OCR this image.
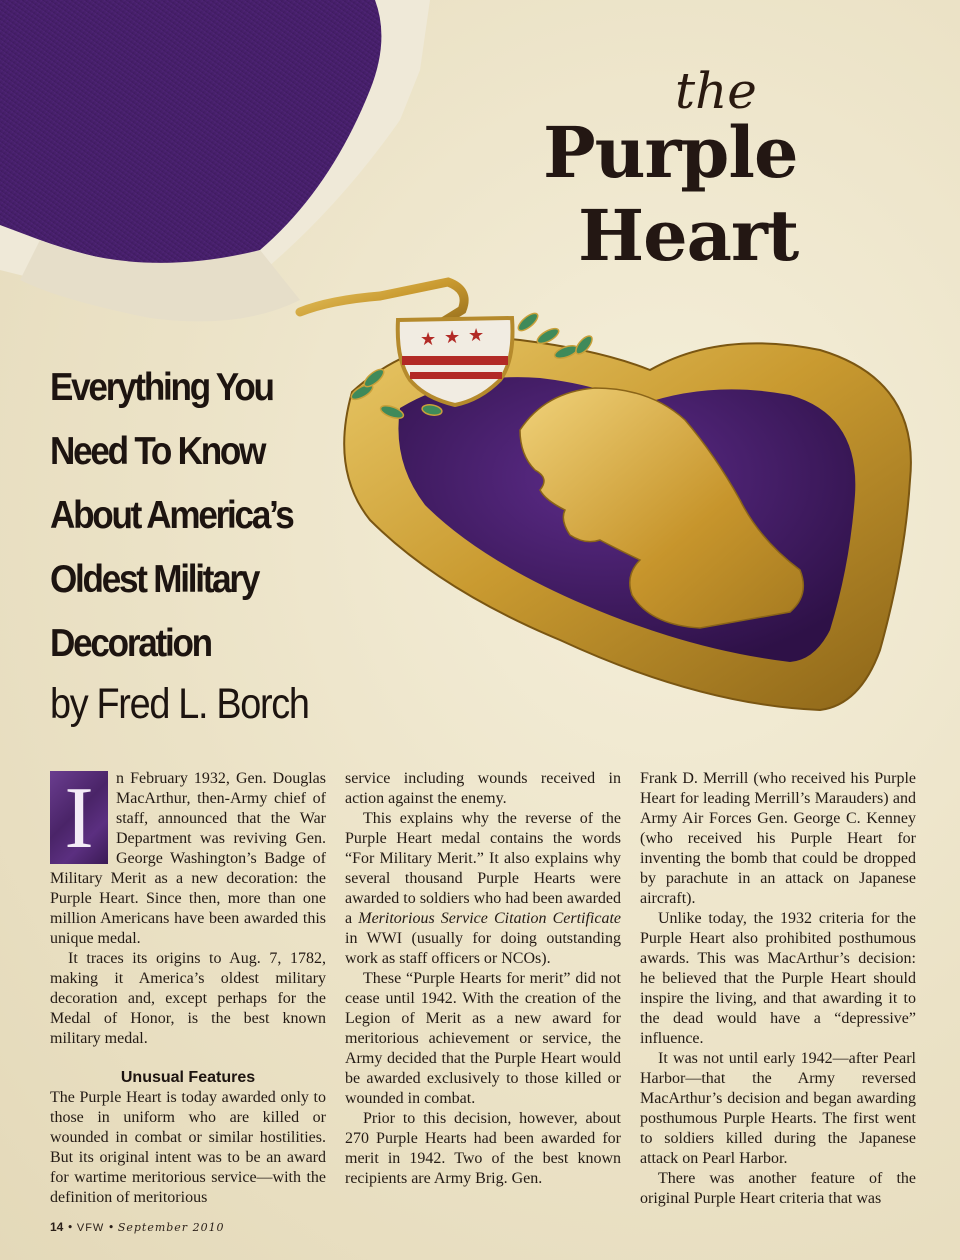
★ ★ ★
the
Purple
Heart
Everything You
Need To Know
About America’s
Oldest Military
Decoration
by Fred L. Borch

I	n February 1932, Gen. Douglas MacArthur, then-Army chief of staff, announced that the War Department was reviving Gen. George Washington’s Badge of Military Merit as a new decoration: the Purple Heart. Since then, more than one million Americans have been awarded this unique medal.

It traces its origins to Aug. 7, 1782, making it America’s oldest military decoration and, except perhaps for the Medal of Honor, is the best known military medal.

Unusual Features

The Purple Heart is today awarded only to those in uniform who are killed or wounded in combat or similar hostilities. But its original intent was to be an award for wartime meritorious service—with the definition of meritorious

service including wounds received in action against the enemy.

This explains why the reverse of the Purple Heart medal contains the words “For Military Merit.” It also explains why several thousand Purple Hearts were awarded to soldiers who had been awarded a Meritorious Service Citation Certificate in WWI (usually for doing outstanding work as staff officers or NCOs).

These “Purple Hearts for merit” did not cease until 1942. With the creation of the Legion of Merit as a new award for meritorious achievement or service, the Army decided that the Purple Heart would be awarded exclusively to those killed or wounded in combat.

Prior to this decision, however, about 270 Purple Hearts had been awarded for merit in 1942. Two of the best known recipients are Army Brig. Gen.

Frank D. Merrill (who received his Purple Heart for leading Merrill’s Marauders) and Army Air Forces Gen. George C. Kenney (who received his Purple Heart for inventing the bomb that could be dropped by parachute in an attack on Japanese aircraft).

Unlike today, the 1932 criteria for the Purple Heart also prohibited posthumous awards. This was MacArthur’s decision: he believed that the Purple Heart should inspire the living, and that awarding it to the dead would have a “depressive” influence.

It was not until early 1942—after Pearl Harbor—that the Army reversed MacArthur’s decision and began awarding posthumous Purple Hearts. The first went to soldiers killed during the Japanese attack on Pearl Harbor.

There was another feature of the original Purple Heart criteria that was

14 • VFW • September 2010
